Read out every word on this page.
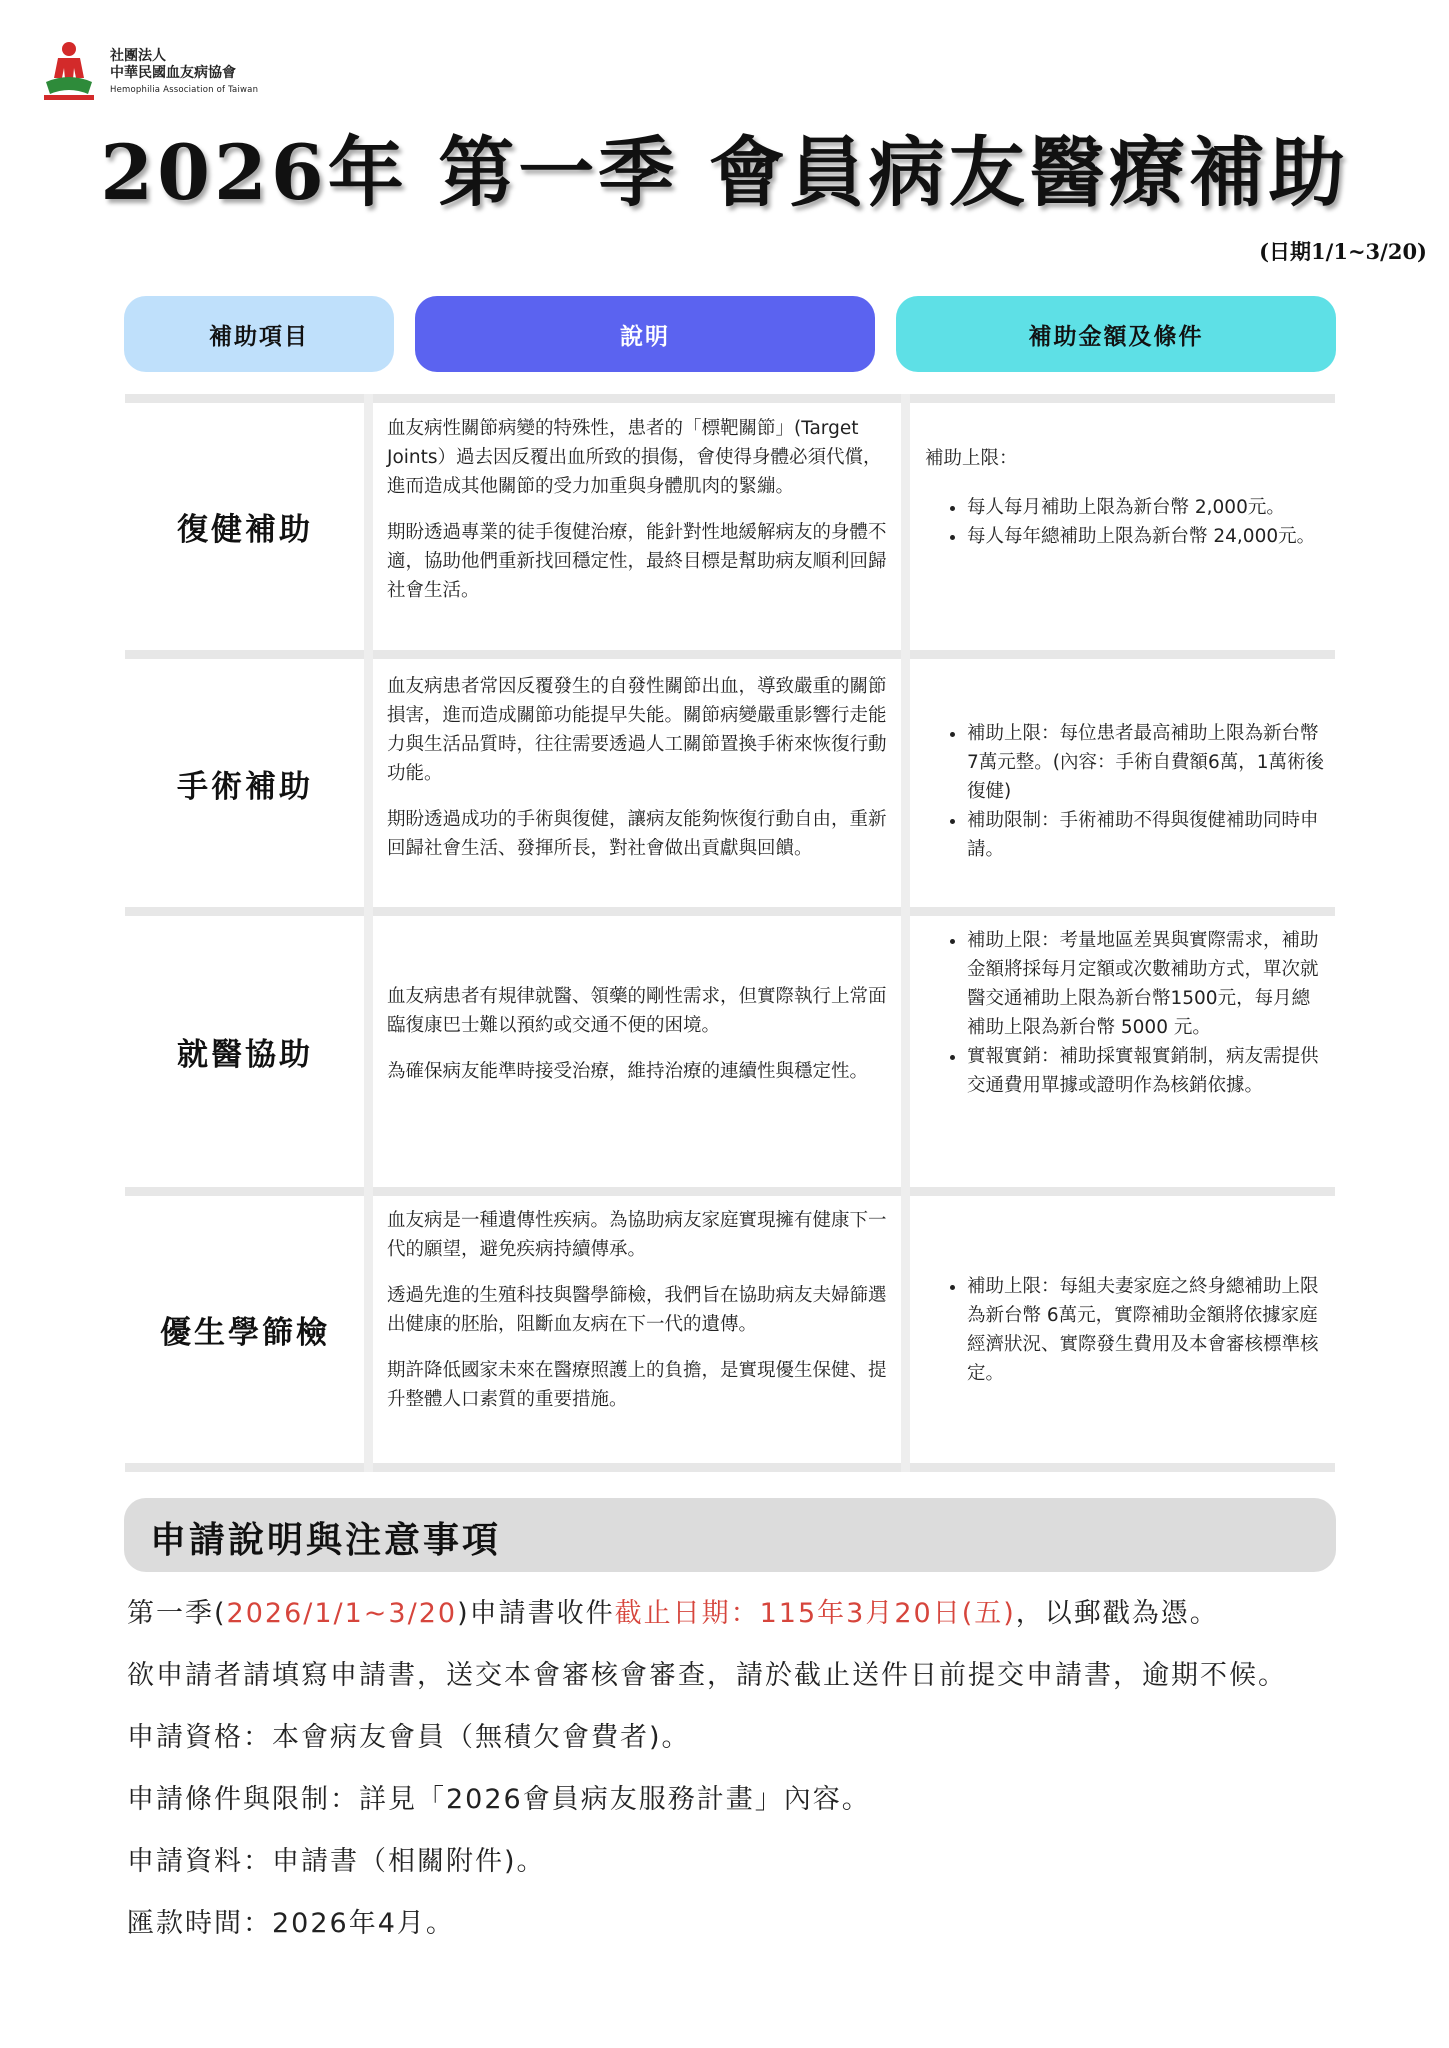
社團法人
中華民國血友病協會
Hemophilia Association of Taiwan
2026年 第一季 會員病友醫療補助
(日期1/1~3/20)
補助項目	說明	補助金額及條件
復健補助

血友病性關節病變的特殊性，患者的「標靶關節」(Target Joints）過去因反覆出血所致的損傷，會使得身體必須代償，進而造成其他關節的受力加重與身體肌肉的緊繃。

期盼透過專業的徒手復健治療，能針對性地緩解病友的身體不適，協助他們重新找回穩定性，最終目標是幫助病友順利回歸社會生活。

補助上限：
• 每人每月補助上限為新台幣 2,000元。
• 每人每年總補助上限為新台幣 24,000元。
手術補助

血友病患者常因反覆發生的自發性關節出血，導致嚴重的關節損害，進而造成關節功能提早失能。關節病變嚴重影響行走能力與生活品質時，往往需要透過人工關節置換手術來恢復行動功能。

期盼透過成功的手術與復健，讓病友能夠恢復行動自由，重新回歸社會生活、發揮所長，對社會做出貢獻與回饋。

• 補助上限：每位患者最高補助上限為新台幣7萬元整。(內容：手術自費額6萬，1萬術後復健)
• 補助限制：手術補助不得與復健補助同時申請。
就醫協助

血友病患者有規律就醫、領藥的剛性需求，但實際執行上常面臨復康巴士難以預約或交通不便的困境。

為確保病友能準時接受治療，維持治療的連續性與穩定性。

• 補助上限：考量地區差異與實際需求，補助金額將採每月定額或次數補助方式，單次就醫交通補助上限為新台幣1500元，每月總補助上限為新台幣 5000 元。
• 實報實銷：補助採實報實銷制，病友需提供交通費用單據或證明作為核銷依據。
優生學篩檢

血友病是一種遺傳性疾病。為協助病友家庭實現擁有健康下一代的願望，避免疾病持續傳承。

透過先進的生殖科技與醫學篩檢，我們旨在協助病友夫婦篩選出健康的胚胎，阻斷血友病在下一代的遺傳。

期許降低國家未來在醫療照護上的負擔，是實現優生保健、提升整體人口素質的重要措施。

• 補助上限：每組夫妻家庭之終身總補助上限為新台幣 6萬元，實際補助金額將依據家庭經濟狀況、實際發生費用及本會審核標準核定。
申請說明與注意事項

第一季(2026/1/1~3/20)申請書收件截止日期：115年3月20日(五)，以郵戳為憑。

欲申請者請填寫申請書，送交本會審核會審查，請於截止送件日前提交申請書，逾期不候。

申請資格：本會病友會員（無積欠會費者)。

申請條件與限制：詳見「2026會員病友服務計畫」內容。

申請資料：申請書（相關附件)。

匯款時間：2026年4月。
